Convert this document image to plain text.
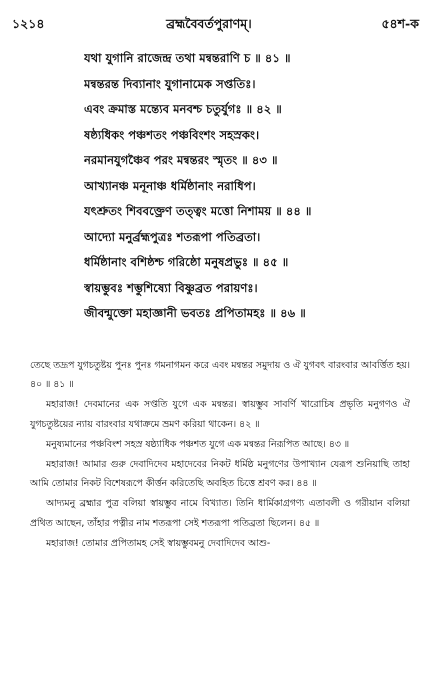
১২১৪	ব্রহ্মবৈবর্তপুরাণম্।	৫৪শ-ক
যথা যুগানি রাজেন্দ্র তথা মন্বন্তরাণি চ ॥ ৪১ ॥
মন্বন্তরন্ত দিব্যানাং যুগানামেক সপ্ততিঃ।
এবং ক্রমাস্ত মন্ত্যেব মনবশ্চ চতুর্যুগঃ ॥ ৪২ ॥
ষষ্ঠ্যধিকং পঞ্চশতং পঞ্চবিংশং সহস্রকং।
নরমানযুগঞ্চৈব পরং মন্বন্তরং স্মৃতং ॥ ৪৩ ॥
আখ্যানঞ্চ মনূনাঞ্চ ধর্মিষ্ঠানাং নরাধিপ।
যৎশ্রুতং শিববক্ত্রেণ তত্ত্বং মত্তো নিশাময় ॥ ৪৪ ॥
আদ্যো মনুর্ব্রহ্মপুত্রঃ শতরূপা পতিব্রতা।
ধর্মিষ্ঠানাং বশিষ্ঠশ্চ গরিষ্ঠো মনুষপ্রভুঃ ॥ ৪৫ ॥
স্বায়ম্ভুবঃ শম্ভুশিষ্যো বিষ্ণুব্রত পরায়ণঃ।
জীবন্মুক্তো মহাজ্ঞানী ভবতঃ প্রপিতামহঃ ॥ ৪৬ ॥

তেছে তদ্রূপ যুগচতুষ্টয় পুনঃ পুনঃ গমনাগমন করে এবং মন্বন্তর সমুদায় ও ঐ যুগবৎ বারংবার আবর্ত্তিত হয়। ৪০ ॥ ৪১ ॥

মহারাজ! দেবমানের এক সপ্ততি যুগে এক মন্বন্তর। স্বায়ম্ভুব সাবর্ণি খারোচিষ প্রভৃতি মনুগণও ঐ যুগচতুষ্টয়ের ন্যায় বারংবার যথাক্রমে ভ্রমণ করিয়া থাকেন। ৪২ ॥

মনুষ্যমানের পঞ্চবিংশ সহস্র ষষ্ঠ্যাধিক পঞ্চশত যুগে এক মন্বন্তর নিরূপিত আছে। ৪৩ ॥

মহারাজ! আমার গুরু দেবাদিদেব মহাদেবের নিকট ধর্মিষ্ঠ মনুগণের উপাখ্যান যেরূপ শুনিয়াছি তাহা আমি তোমার নিকট বিশেষরূপে কীর্ত্তন করিতেছি অবহিত চিত্তে শ্রবণ কর। ৪৪ ॥

আদ্যমনু ব্রহ্মার পুত্র বলিয়া স্বায়ম্ভুব নামে বিখ্যাত। তিনি ধার্মিকাগ্রগণ্য এতাবলী ও গরীয়ান বলিয়া প্রথিত আছেন, তাঁহার পত্নীর নাম শতরূপা সেই শতরূপা পতিব্রতা ছিলেন। ৪৫ ॥

মহারাজ! তোমার প্রপিতামহ সেই স্বায়ম্ভুবমনু দেবাদিদেব আশু-
